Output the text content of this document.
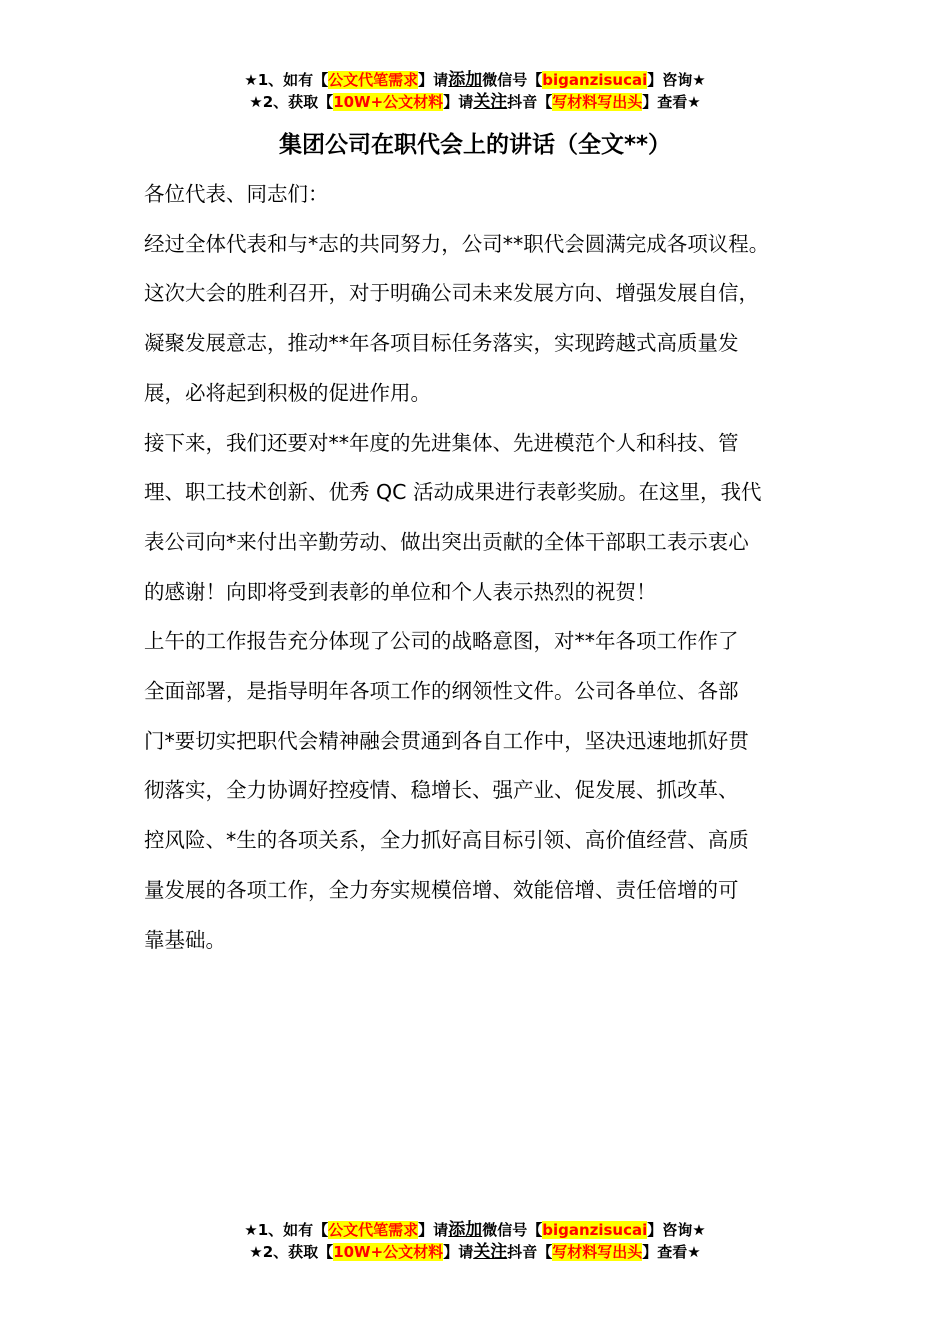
★1、如有【公文代笔需求】请添加微信号【biganzisucai】咨询★
★2、获取【10W+公文材料】请关注抖音【写材料写出头】查看★
集团公司在职代会上的讲话（全文**）

各位代表、同志们：

经过全体代表和与*志的共同努力，公司**职代会圆满完成各项议程。

这次大会的胜利召开，对于明确公司未来发展方向、增强发展自信，

凝聚发展意志，推动**年各项目标任务落实，实现跨越式高质量发

展，必将起到积极的促进作用。

接下来，我们还要对**年度的先进集体、先进模范个人和科技、管

理、职工技术创新、优秀 QC 活动成果进行表彰奖励。在这里，我代

表公司向*来付出辛勤劳动、做出突出贡献的全体干部职工表示衷心

的感谢！向即将受到表彰的单位和个人表示热烈的祝贺！

上午的工作报告充分体现了公司的战略意图，对**年各项工作作了

全面部署，是指导明年各项工作的纲领性文件。公司各单位、各部

门*要切实把职代会精神融会贯通到各自工作中，坚决迅速地抓好贯

彻落实，全力协调好控疫情、稳增长、强产业、促发展、抓改革、

控风险、*生的各项关系，全力抓好高目标引领、高价值经营、高质

量发展的各项工作，全力夯实规模倍增、效能倍增、责任倍增的可

靠基础。

★1、如有【公文代笔需求】请添加微信号【biganzisucai】咨询★
★2、获取【10W+公文材料】请关注抖音【写材料写出头】查看★
